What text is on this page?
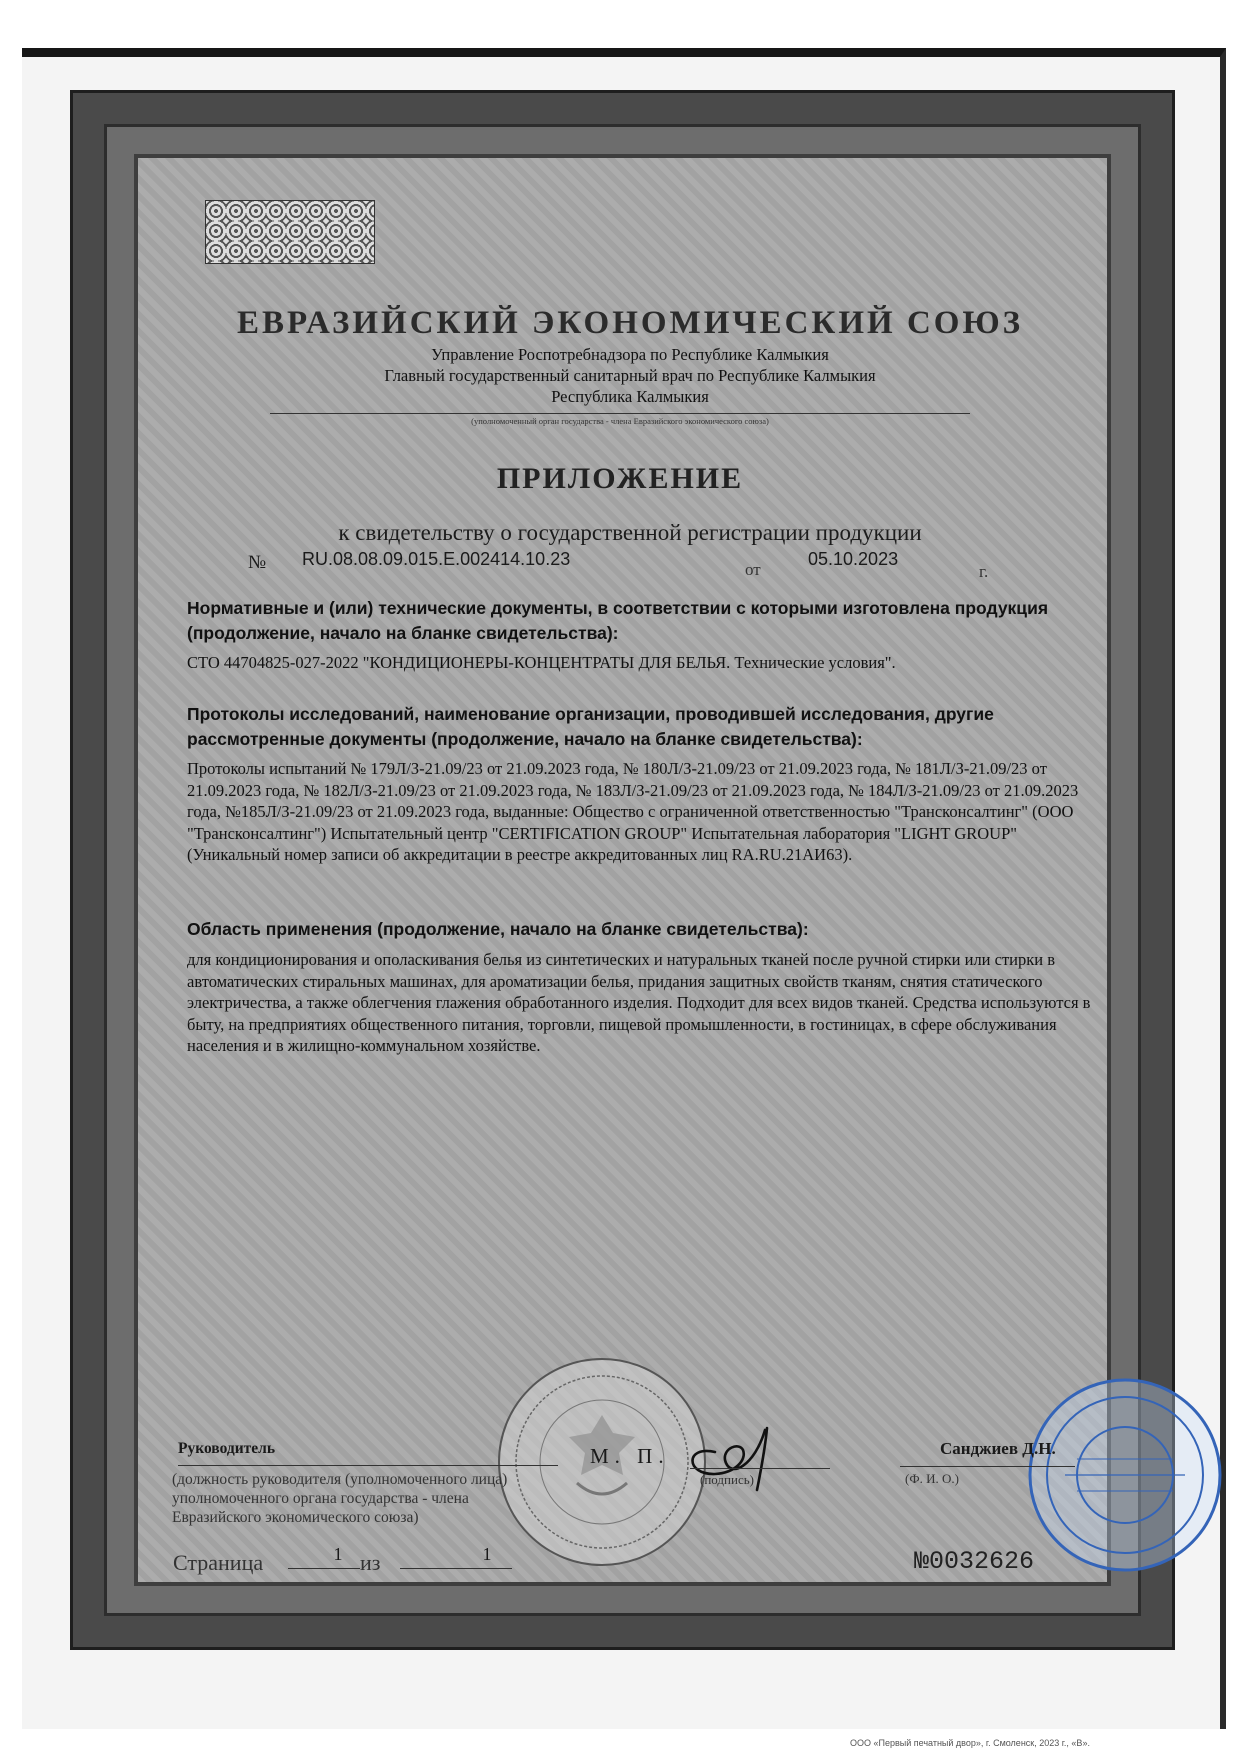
ЕВРАЗИЙСКИЙ ЭКОНОМИЧЕСКИЙ СОЮЗ
Управление Роспотребнадзора по Республике Калмыкия
Главный государственный санитарный врач по Республике Калмыкия
Республика Калмыкия
(уполномоченный орган государства - члена Евразийского экономического союза)
ПРИЛОЖЕНИЕ
к свидетельству о государственной регистрации продукции
№ RU.08.08.09.015.Е.002414.10.23
от
05.10.2023
г.
Нормативные и (или) технические документы, в соответствии с которыми изготовлена продукция (продолжение, начало на бланке свидетельства):
СТО 44704825-027-2022 "КОНДИЦИОНЕРЫ-КОНЦЕНТРАТЫ ДЛЯ БЕЛЬЯ. Технические условия".
Протоколы исследований, наименование организации, проводившей исследования, другие рассмотренные документы (продолжение, начало на бланке свидетельства):
Протоколы испытаний № 179Л/З-21.09/23 от 21.09.2023 года, № 180Л/З-21.09/23 от 21.09.2023 года, № 181Л/З-21.09/23 от 21.09.2023 года, № 182Л/З-21.09/23 от 21.09.2023 года, № 183Л/З-21.09/23 от 21.09.2023 года, № 184Л/З-21.09/23 от 21.09.2023 года, №185Л/З-21.09/23 от 21.09.2023 года, выданные: Общество с ограниченной ответственностью "Трансконсалтинг" (ООО "Трансконсалтинг") Испытательный центр "CERTIFICATION GROUP" Испытательная лаборатория "LIGHT GROUP" (Уникальный номер записи об аккредитации в реестре аккредитованных лиц RA.RU.21АИ63).
Область применения (продолжение, начало на бланке свидетельства):
для кондиционирования и ополаскивания белья из синтетических и натуральных тканей после ручной стирки или стирки в автоматических стиральных машинах, для ароматизации белья, придания защитных свойств тканям, снятия статического электричества, а также облегчения глажения обработанного изделия. Подходит для всех видов тканей. Средства используются в быту, на предприятиях общественного питания, торговли, пищевой промышленности, в гостиницах, в сфере обслуживания населения и в жилищно-коммунальном хозяйстве.
Руководитель
(должность руководителя (уполномоченного лица) уполномоченного органа государства - члена Евразийского экономического союза)
М. П.
(подпись)
Санджиев Д.Н.
(Ф. И. О.)
Страница	1 из	1	№0032626
ООО «Первый печатный двор», г. Смоленск, 2023 г., «В».
